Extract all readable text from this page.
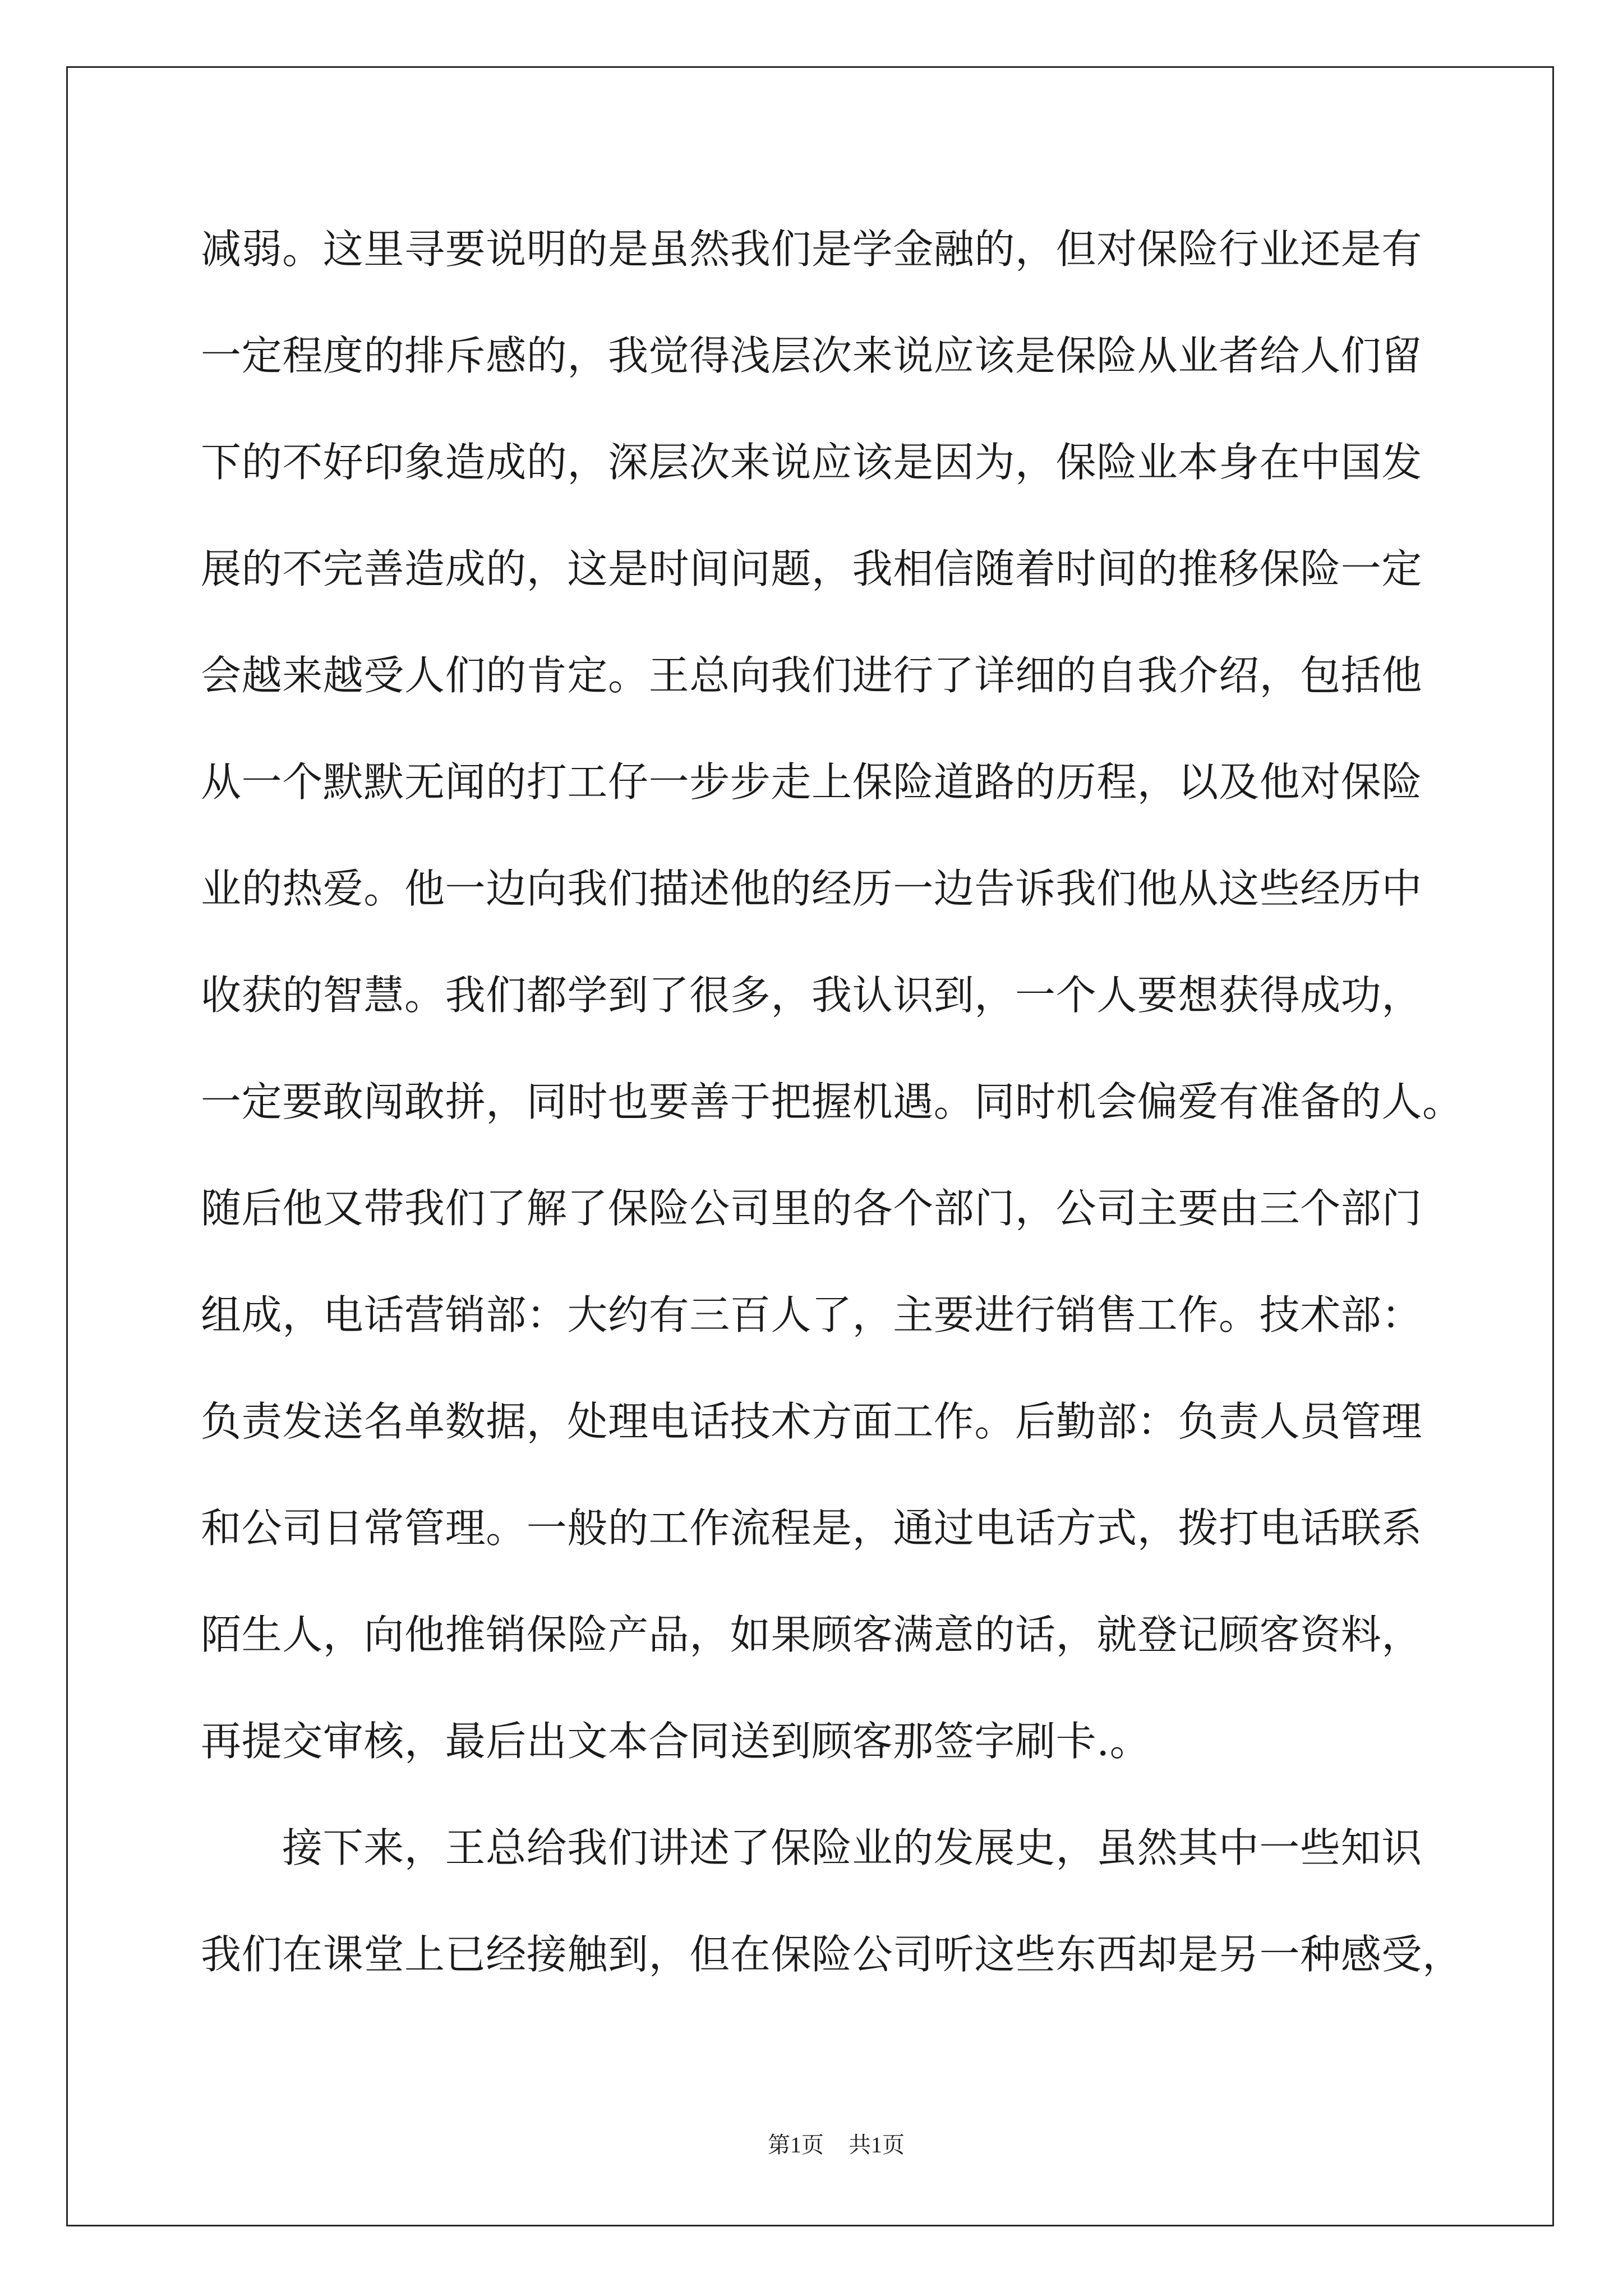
减弱。这里寻要说明的是虽然我们是学金融的，但对保险行业还是有
一定程度的排斥感的，我觉得浅层次来说应该是保险从业者给人们留
下的不好印象造成的，深层次来说应该是因为，保险业本身在中国发
展的不完善造成的，这是时间问题，我相信随着时间的推移保险一定
会越来越受人们的肯定。王总向我们进行了详细的自我介绍，包括他
从一个默默无闻的打工仔一步步走上保险道路的历程，以及他对保险
业的热爱。他一边向我们描述他的经历一边告诉我们他从这些经历中
收获的智慧。我们都学到了很多，我认识到，一个人要想获得成功，
一定要敢闯敢拼，同时也要善于把握机遇。同时机会偏爱有准备的人。
随后他又带我们了解了保险公司里的各个部门，公司主要由三个部门
组成，电话营销部：大约有三百人了，主要进行销售工作。技术部：
负责发送名单数据，处理电话技术方面工作。后勤部：负责人员管理
和公司日常管理。一般的工作流程是，通过电话方式，拨打电话联系
陌生人，向他推销保险产品，如果顾客满意的话，就登记顾客资料，
再提交审核，最后出文本合同送到顾客那签字刷卡.。
接下来，王总给我们讲述了保险业的发展史，虽然其中一些知识
我们在课堂上已经接触到，但在保险公司听这些东西却是另一种感受，
第1页 共1页
